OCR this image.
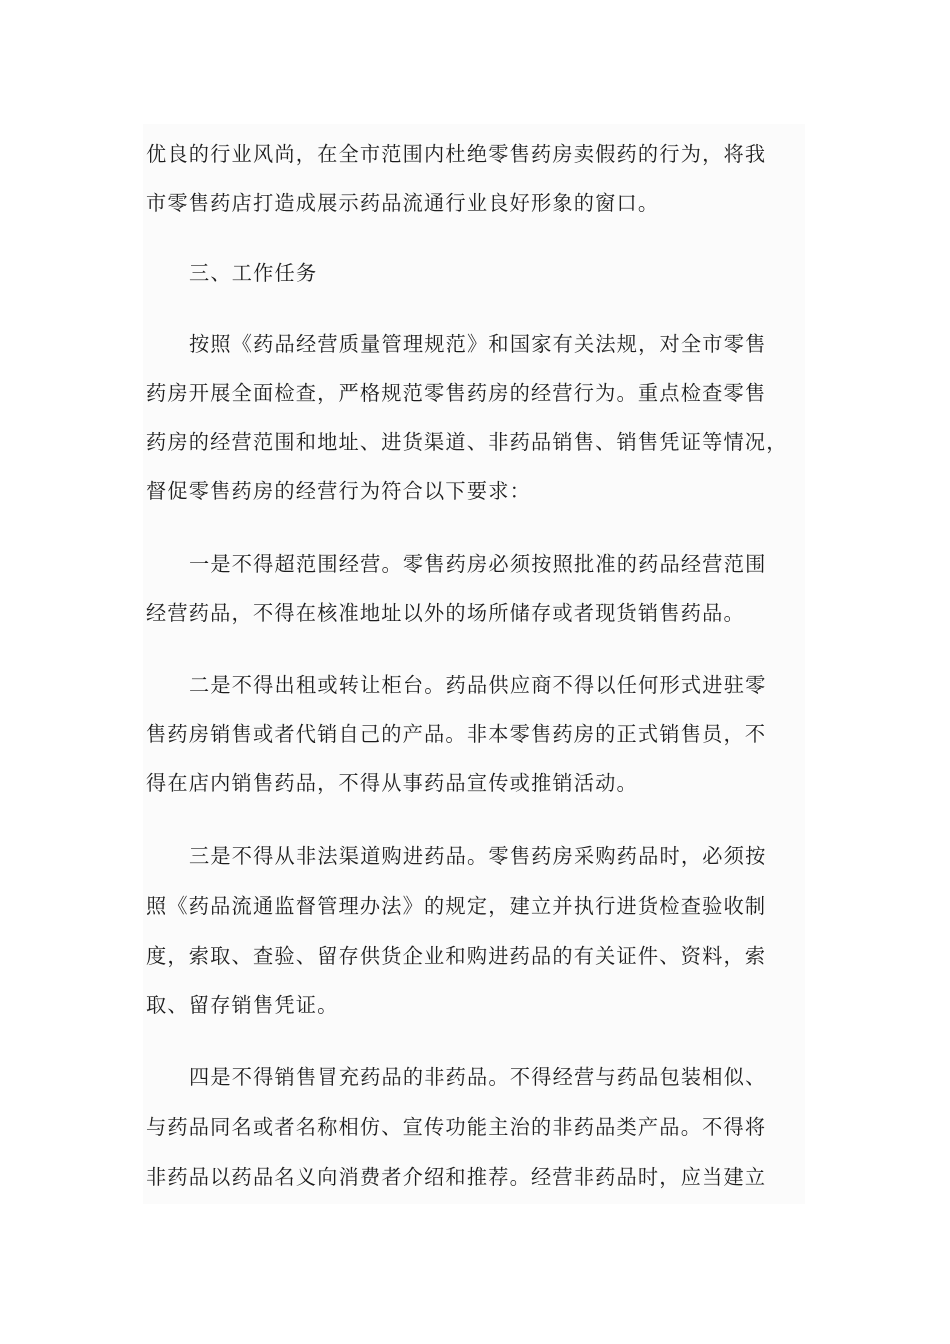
优良的行业风尚，在全市范围内杜绝零售药房卖假药的行为，将我
市零售药店打造成展示药品流通行业良好形象的窗口。
三、工作任务
按照《药品经营质量管理规范》和国家有关法规，对全市零售
药房开展全面检查，严格规范零售药房的经营行为。重点检查零售
药房的经营范围和地址、进货渠道、非药品销售、销售凭证等情况，
督促零售药房的经营行为符合以下要求：
一是不得超范围经营。零售药房必须按照批准的药品经营范围
经营药品，不得在核准地址以外的场所储存或者现货销售药品。
二是不得出租或转让柜台。药品供应商不得以任何形式进驻零
售药房销售或者代销自己的产品。非本零售药房的正式销售员，不
得在店内销售药品，不得从事药品宣传或推销活动。
三是不得从非法渠道购进药品。零售药房采购药品时，必须按
照《药品流通监督管理办法》的规定，建立并执行进货检查验收制
度，索取、查验、留存供货企业和购进药品的有关证件、资料，索
取、留存销售凭证。
四是不得销售冒充药品的非药品。不得经营与药品包装相似、
与药品同名或者名称相仿、宣传功能主治的非药品类产品。不得将
非药品以药品名义向消费者介绍和推荐。经营非药品时，应当建立
